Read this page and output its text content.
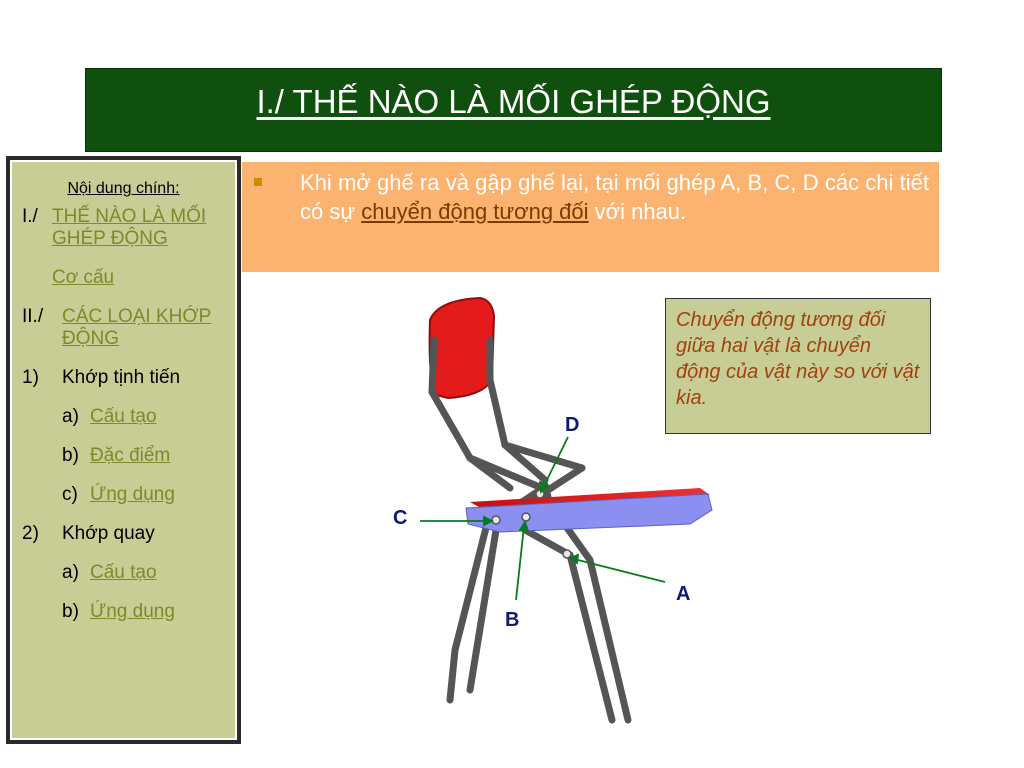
I./ THẾ NÀO LÀ MỐI GHÉP ĐỘNG
Nội dung chính:
I./ THẾ NÀO LÀ MỐI GHÉP ĐỘNG
Cơ cấu
II./ CÁC LOẠI KHỚP ĐỘNG
1) Khớp tịnh tiến
a) Cấu tạo
b) Đặc điểm
c) Ứng dụng
2) Khớp quay
a) Cấu tạo
b) Ứng dụng
Khi mở ghế ra và gập ghế lại, tại mối ghép A, B, C, D các chi tiết có sự chuyển động tương đối với nhau.
Chuyển động tương đối giữa hai vật là chuyển động của vật này so với vật kia.
D
C
B
A
